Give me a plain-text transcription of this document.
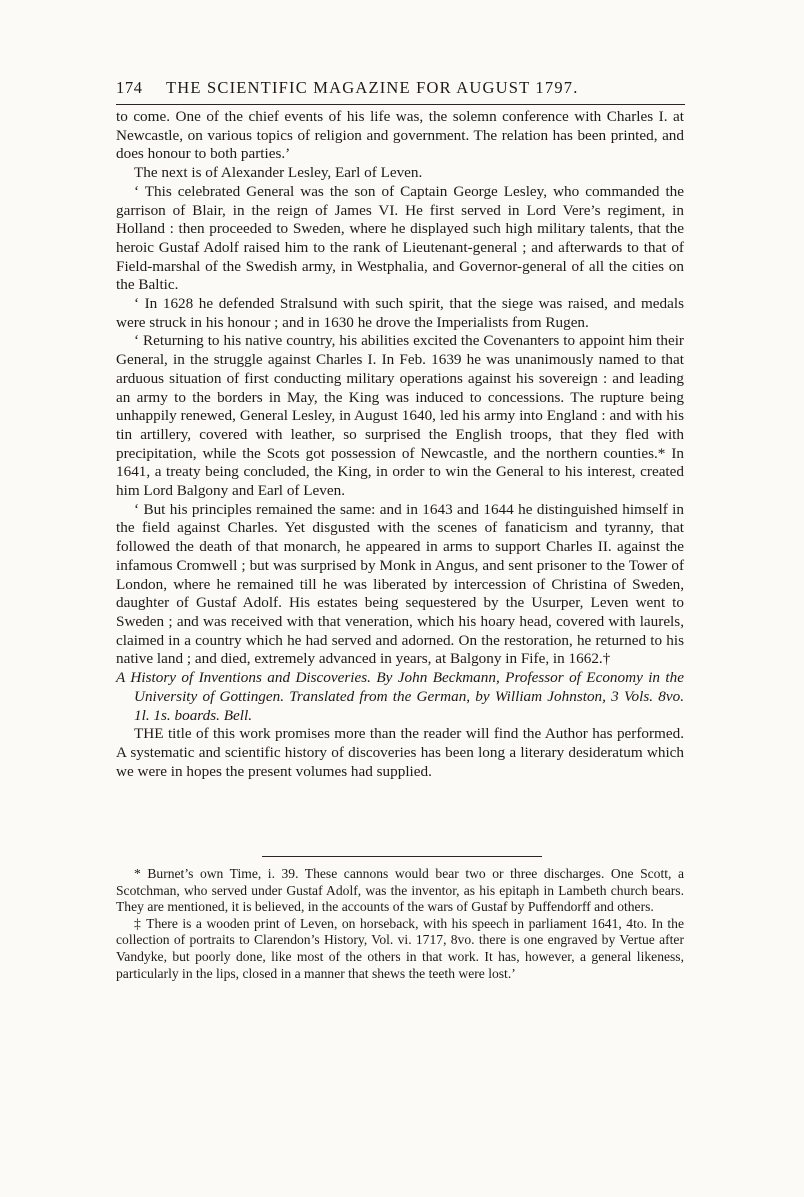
174 THE SCIENTIFIC MAGAZINE FOR AUGUST 1797.

to come. One of the chief events of his life was, the solemn conference with Charles I. at Newcastle, on various topics of religion and government. The relation has been printed, and does honour to both parties.’

The next is of Alexander Lesley, Earl of Leven.

‘ This celebrated General was the son of Captain George Lesley, who commanded the garrison of Blair, in the reign of James VI. He first served in Lord Vere’s regiment, in Holland : then proceeded to Sweden, where he displayed such high military talents, that the heroic Gustaf Adolf raised him to the rank of Lieutenant-general ; and afterwards to that of Field-marshal of the Swedish army, in Westphalia, and Governor-general of all the cities on the Baltic.

‘ In 1628 he defended Stralsund with such spirit, that the siege was raised, and medals were struck in his honour ; and in 1630 he drove the Imperialists from Rugen.

‘ Returning to his native country, his abilities excited the Covenanters to appoint him their General, in the struggle against Charles I. In Feb. 1639 he was unanimously named to that arduous situation of first conducting military operations against his sovereign : and leading an army to the borders in May, the King was induced to concessions. The rupture being unhappily renewed, General Lesley, in August 1640, led his army into England : and with his tin artillery, covered with leather, so surprised the English troops, that they fled with precipitation, while the Scots got possession of Newcastle, and the northern counties.* In 1641, a treaty being concluded, the King, in order to win the General to his interest, created him Lord Balgony and Earl of Leven.

‘ But his principles remained the same: and in 1643 and 1644 he distinguished himself in the field against Charles. Yet disgusted with the scenes of fanaticism and tyranny, that followed the death of that monarch, he appeared in arms to support Charles II. against the infamous Cromwell ; but was surprised by Monk in Angus, and sent prisoner to the Tower of London, where he remained till he was liberated by intercession of Christina of Sweden, daughter of Gustaf Adolf. His estates being sequestered by the Usurper, Leven went to Sweden ; and was received with that veneration, which his hoary head, covered with laurels, claimed in a country which he had served and adorned. On the restoration, he returned to his native land ; and died, extremely advanced in years, at Balgony in Fife, in 1662.†

A History of Inventions and Discoveries. By John Beckmann, Professor of Economy in the University of Gottingen. Translated from the German, by William Johnston, 3 Vols. 8vo. 1l. 1s. boards. Bell.

THE title of this work promises more than the reader will find the Author has performed. A systematic and scientific history of discoveries has been long a literary desideratum which we were in hopes the present volumes had supplied.

* Burnet’s own Time, i. 39. These cannons would bear two or three discharges. One Scott, a Scotchman, who served under Gustaf Adolf, was the inventor, as his epitaph in Lambeth church bears. They are mentioned, it is believed, in the accounts of the wars of Gustaf by Puffendorff and others.

‡ There is a wooden print of Leven, on horseback, with his speech in parliament 1641, 4to. In the collection of portraits to Clarendon’s History, Vol. vi. 1717, 8vo. there is one engraved by Vertue after Vandyke, but poorly done, like most of the others in that work. It has, however, a general likeness, particularly in the lips, closed in a manner that shews the teeth were lost.’
